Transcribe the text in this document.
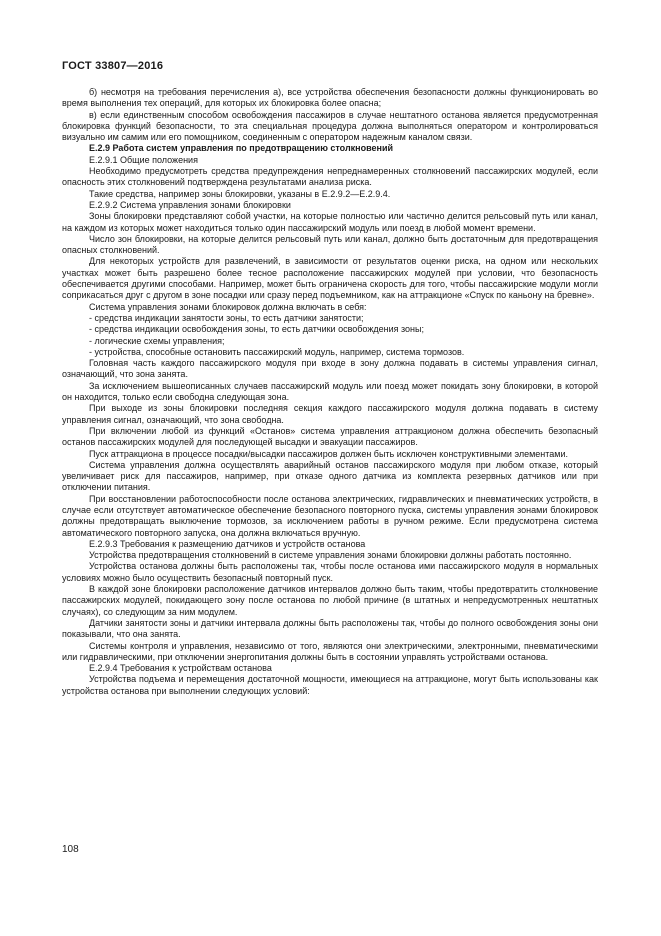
ГОСТ 33807—2016

б) несмотря на требования перечисления а), все устройства обеспечения безопасности должны функционировать во время выполнения тех операций, для которых их блокировка более опасна;

в) если единственным способом освобождения пассажиров в случае нештатного останова является предусмотренная блокировка функций безопасности, то эта специальная процедура должна выполняться оператором и контролироваться визуально им самим или его помощником, соединенным с оператором надежным каналом связи.

Е.2.9 Работа систем управления по предотвращению столкновений

Е.2.9.1 Общие положения

Необходимо предусмотреть средства предупреждения непреднамеренных столкновений пассажирских модулей, если опасность этих столкновений подтверждена результатами анализа риска.

Такие средства, например зоны блокировки, указаны в Е.2.9.2—Е.2.9.4.

Е.2.9.2 Система управления зонами блокировки

Зоны блокировки представляют собой участки, на которые полностью или частично делится рельсовый путь или канал, на каждом из которых может находиться только один пассажирский модуль или поезд в любой момент времени.

Число зон блокировки, на которые делится рельсовый путь или канал, должно быть достаточным для предотвращения опасных столкновений.

Для некоторых устройств для развлечений, в зависимости от результатов оценки риска, на одном или нескольких участках может быть разрешено более тесное расположение пассажирских модулей при условии, что безопасность обеспечивается другими способами. Например, может быть ограничена скорость для того, чтобы пассажирские модули могли соприкасаться друг с другом в зоне посадки или сразу перед подъемником, как на аттракционе «Спуск по каньону на бревне».

Система управления зонами блокировок должна включать в себя:

- средства индикации занятости зоны, то есть датчики занятости;

- средства индикации освобождения зоны, то есть датчики освобождения зоны;

- логические схемы управления;

- устройства, способные остановить пассажирский модуль, например, система тормозов.

Головная часть каждого пассажирского модуля при входе в зону должна подавать в системы управления сигнал, означающий, что зона занята.

За исключением вышеописанных случаев пассажирский модуль или поезд может покидать зону блокировки, в которой он находится, только если свободна следующая зона.

При выходе из зоны блокировки последняя секция каждого пассажирского модуля должна подавать в систему управления сигнал, означающий, что зона свободна.

При включении любой из функций «Останов» система управления аттракционом должна обеспечить безопасный останов пассажирских модулей для последующей высадки и эвакуации пассажиров.

Пуск аттракциона в процессе посадки/высадки пассажиров должен быть исключен конструктивными элементами.

Система управления должна осуществлять аварийный останов пассажирского модуля при любом отказе, который увеличивает риск для пассажиров, например, при отказе одного датчика из комплекта резервных датчиков или при отключении питания.

При восстановлении работоспособности после останова электрических, гидравлических и пневматических устройств, в случае если отсутствует автоматическое обеспечение безопасного повторного пуска, системы управления зонами блокировок должны предотвращать выключение тормозов, за исключением работы в ручном режиме. Если предусмотрена система автоматического повторного запуска, она должна включаться вручную.

Е.2.9.3 Требования к размещению датчиков и устройств останова

Устройства предотвращения столкновений в системе управления зонами блокировки должны работать постоянно.

Устройства останова должны быть расположены так, чтобы после останова ими пассажирского модуля в нормальных условиях можно было осуществить безопасный повторный пуск.

В каждой зоне блокировки расположение датчиков интервалов должно быть таким, чтобы предотвратить столкновение пассажирских модулей, покидающего зону после останова по любой причине (в штатных и непредусмотренных нештатных случаях), со следующим за ним модулем.

Датчики занятости зоны и датчики интервала должны быть расположены так, чтобы до полного освобождения зоны они показывали, что она занята.

Системы контроля и управления, независимо от того, являются они электрическими, электронными, пневматическими или гидравлическими, при отключении энергопитания должны быть в состоянии управлять устройствами останова.

Е.2.9.4 Требования к устройствам останова

Устройства подъема и перемещения достаточной мощности, имеющиеся на аттракционе, могут быть использованы как устройства останова при выполнении следующих условий:

108
